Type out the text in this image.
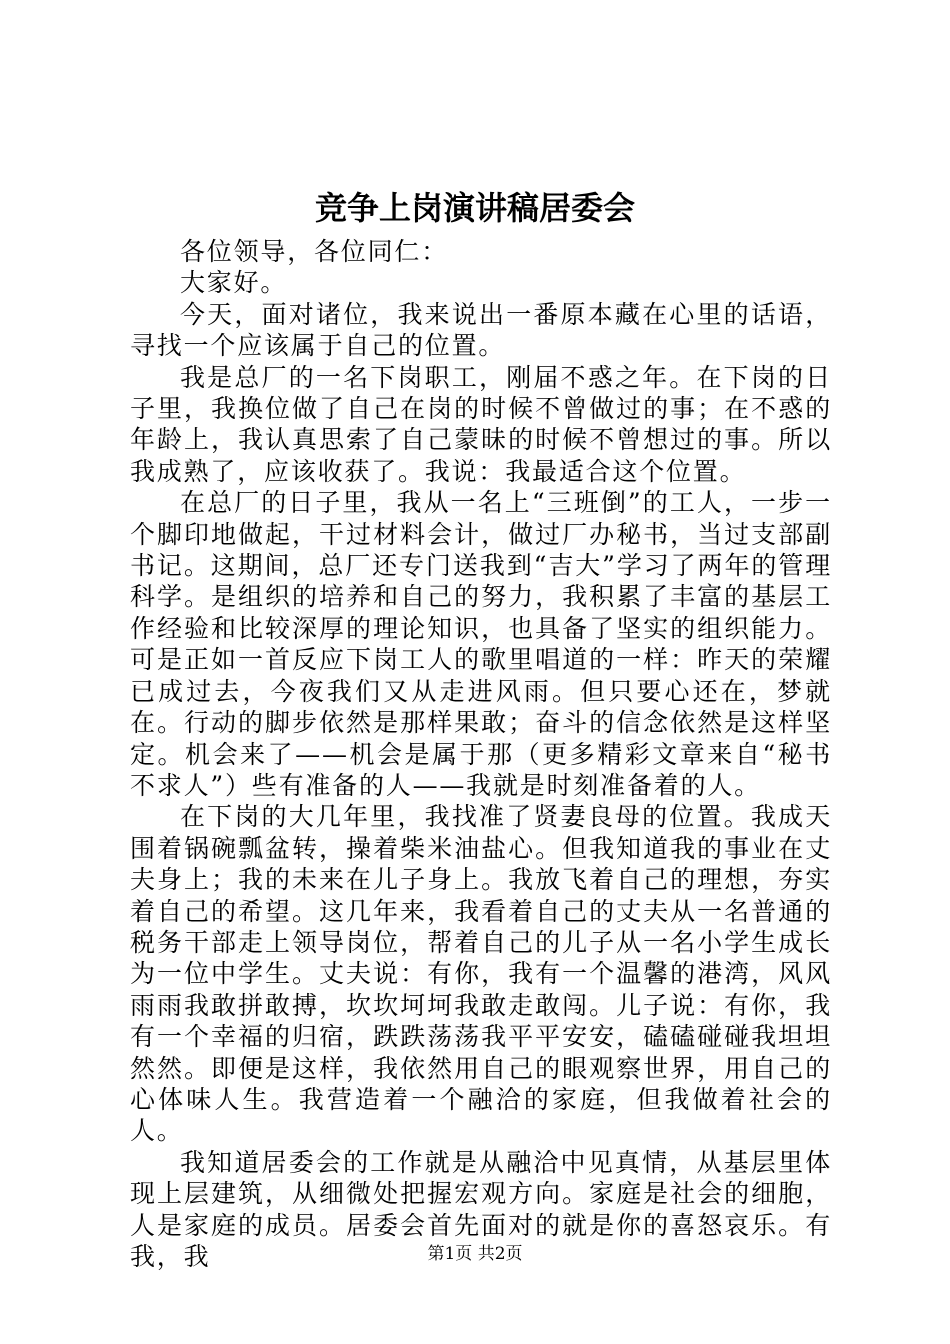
竞争上岗演讲稿居委会

各位领导，各位同仁：

大家好。

今天，面对诸位，我来说出一番原本藏在心里的话语，寻找一个应该属于自己的位置。

我是总厂的一名下岗职工，刚届不惑之年。在下岗的日子里，我换位做了自己在岗的时候不曾做过的事；在不惑的年龄上，我认真思索了自己蒙昧的时候不曾想过的事。所以我成熟了，应该收获了。我说：我最适合这个位置。

在总厂的日子里，我从一名上“三班倒”的工人，一步一个脚印地做起，干过材料会计，做过厂办秘书，当过支部副书记。这期间，总厂还专门送我到“吉大”学习了两年的管理科学。是组织的培养和自己的努力，我积累了丰富的基层工作经验和比较深厚的理论知识，也具备了坚实的组织能力。可是正如一首反应下岗工人的歌里唱道的一样：昨天的荣耀已成过去，今夜我们又从走进风雨。但只要心还在，梦就在。行动的脚步依然是那样果敢；奋斗的信念依然是这样坚定。机会来了——机会是属于那（更多精彩文章来自“秘书不求人”）些有准备的人——我就是时刻准备着的人。

在下岗的大几年里，我找准了贤妻良母的位置。我成天围着锅碗瓢盆转，操着柴米油盐心。但我知道我的事业在丈夫身上；我的未来在儿子身上。我放飞着自己的理想，夯实着自己的希望。这几年来，我看着自己的丈夫从一名普通的税务干部走上领导岗位，帮着自己的儿子从一名小学生成长为一位中学生。丈夫说：有你，我有一个温馨的港湾，风风雨雨我敢拼敢搏，坎坎坷坷我敢走敢闯。儿子说：有你，我有一个幸福的归宿，跌跌荡荡我平平安安，磕磕碰碰我坦坦然然。即便是这样，我依然用自己的眼观察世界，用自己的心体味人生。我营造着一个融洽的家庭，但我做着社会的人。

我知道居委会的工作就是从融洽中见真情，从基层里体现上层建筑，从细微处把握宏观方向。家庭是社会的细胞，人是家庭的成员。居委会首先面对的就是你的喜怒哀乐。有我，我	第1页 共2页
